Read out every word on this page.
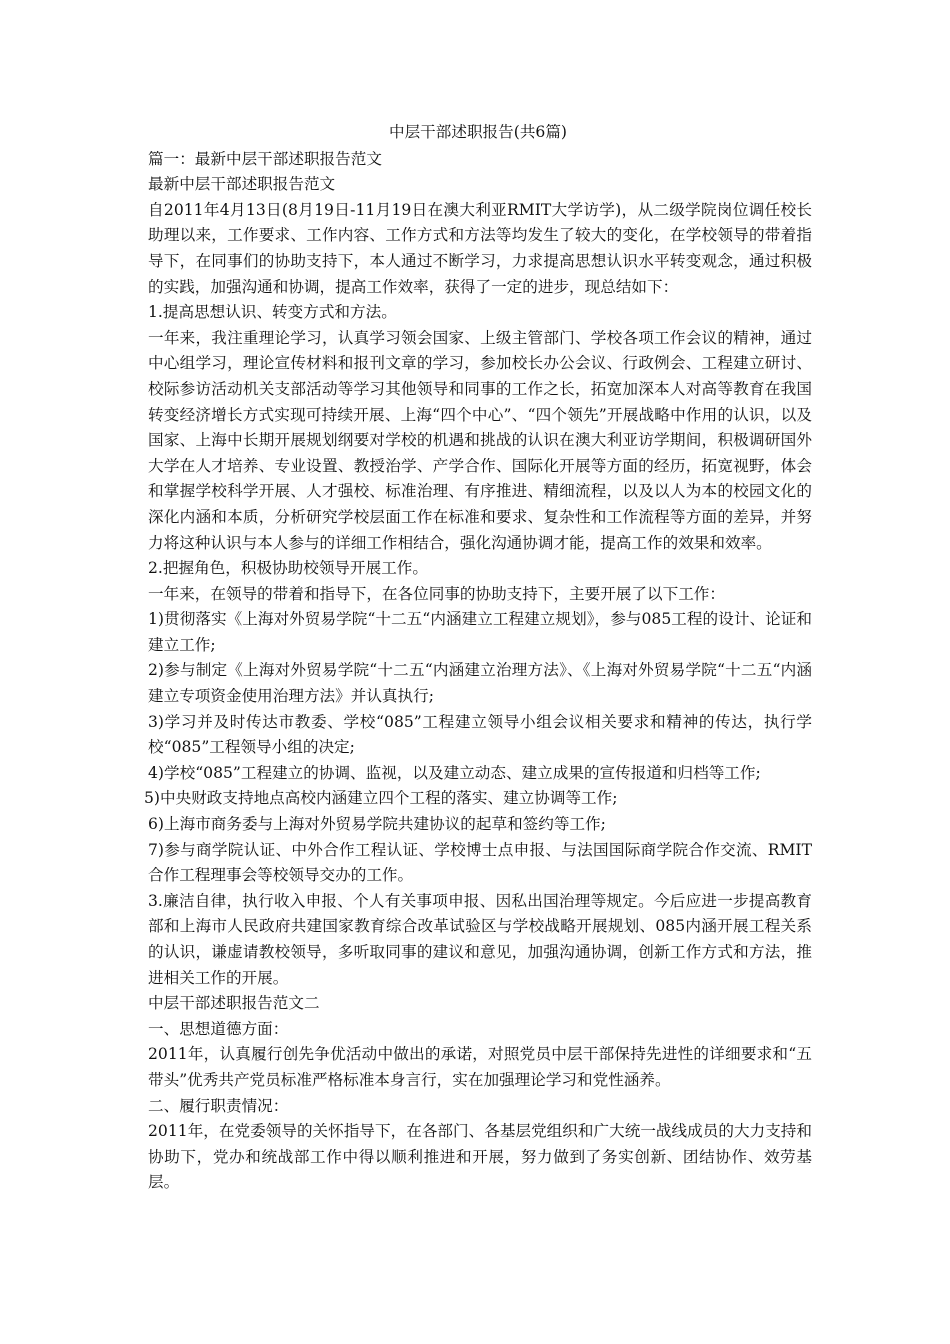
中层干部述职报告(共6篇)

篇一：最新中层干部述职报告范文

最新中层干部述职报告范文

自2011年4月13日(8月19日-11月19日在澳大利亚RMIT大学访学)，从二级学院岗位调任校长助理以来，工作要求、工作内容、工作方式和方法等均发生了较大的变化，在学校领导的带着指导下，在同事们的协助支持下，本人通过不断学习，力求提高思想认识水平转变观念，通过积极的实践，加强沟通和协调，提高工作效率，获得了一定的进步，现总结如下：

1.提高思想认识、转变方式和方法。

一年来，我注重理论学习，认真学习领会国家、上级主管部门、学校各项工作会议的精神，通过中心组学习，理论宣传材料和报刊文章的学习，参加校长办公会议、行政例会、工程建立研讨、校际参访活动机关支部活动等学习其他领导和同事的工作之长，拓宽加深本人对高等教育在我国转变经济增长方式实现可持续开展、上海“四个中心”、“四个领先”开展战略中作用的认识，以及国家、上海中长期开展规划纲要对学校的机遇和挑战的认识在澳大利亚访学期间，积极调研国外大学在人才培养、专业设置、教授治学、产学合作、国际化开展等方面的经历，拓宽视野，体会和掌握学校科学开展、人才强校、标准治理、有序推进、精细流程，以及以人为本的校园文化的深化内涵和本质，分析研究学校层面工作在标准和要求、复杂性和工作流程等方面的差异，并努力将这种认识与本人参与的详细工作相结合，强化沟通协调才能，提高工作的效果和效率。

2.把握角色，积极协助校领导开展工作。

一年来，在领导的带着和指导下，在各位同事的协助支持下，主要开展了以下工作：

1)贯彻落实《上海对外贸易学院“十二五“内涵建立工程建立规划》，参与085工程的设计、论证和建立工作;

2)参与制定《上海对外贸易学院“十二五“内涵建立治理方法》、《上海对外贸易学院“十二五“内涵建立专项资金使用治理方法》并认真执行;

3)学习并及时传达市教委、学校“085”工程建立领导小组会议相关要求和精神的传达，执行学校“085”工程领导小组的决定;

4)学校“085”工程建立的协调、监视，以及建立动态、建立成果的宣传报道和归档等工作;

5)中央财政支持地点高校内涵建立四个工程的落实、建立协调等工作;

6)上海市商务委与上海对外贸易学院共建协议的起草和签约等工作;

7)参与商学院认证、中外合作工程认证、学校博士点申报、与法国国际商学院合作交流、RMIT合作工程理事会等校领导交办的工作。

3.廉洁自律，执行收入申报、个人有关事项申报、因私出国治理等规定。今后应进一步提高教育部和上海市人民政府共建国家教育综合改革试验区与学校战略开展规划、085内涵开展工程关系的认识，谦虚请教校领导，多听取同事的建议和意见，加强沟通协调，创新工作方式和方法，推进相关工作的开展。

中层干部述职报告范文二

一、思想道德方面：

2011年，认真履行创先争优活动中做出的承诺，对照党员中层干部保持先进性的详细要求和“五带头”优秀共产党员标准严格标准本身言行，实在加强理论学习和党性涵养。

二、履行职责情况：

2011年，在党委领导的关怀指导下，在各部门、各基层党组织和广大统一战线成员的大力支持和协助下，党办和统战部工作中得以顺利推进和开展，努力做到了务实创新、团结协作、效劳基层。
